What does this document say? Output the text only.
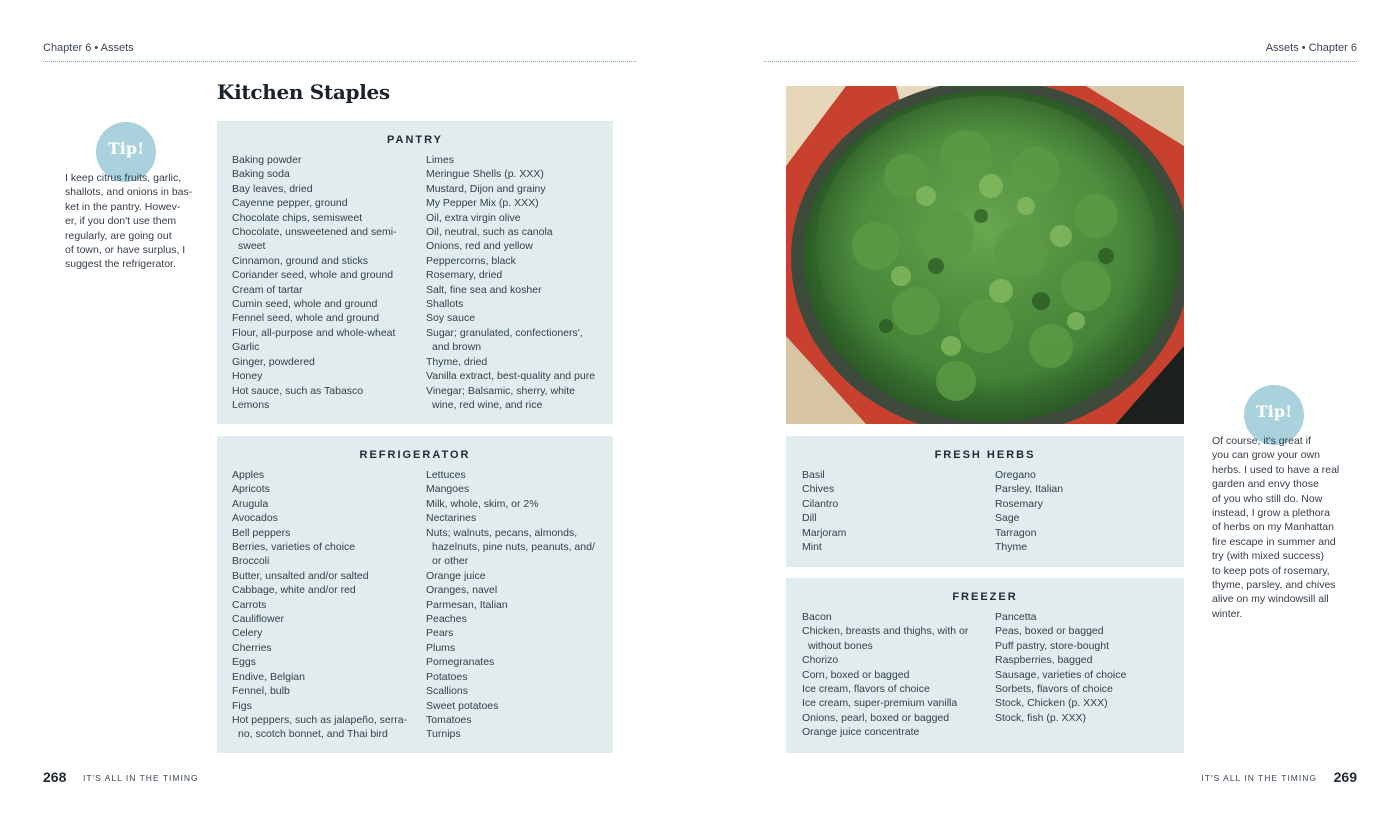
Chapter 6 • Assets
Kitchen Staples
Tip!
I keep citrus fruits, garlic,
shallots, and onions in bas-
ket in the pantry. Howev-
er, if you don't use them
regularly, are going out
of town, or have surplus, I
suggest the refrigerator.
PANTRY
Baking powder
Baking soda
Bay leaves, dried
Cayenne pepper, ground
Chocolate chips, semisweet
Chocolate, unsweetened and semi-
sweet
Cinnamon, ground and sticks
Coriander seed, whole and ground
Cream of tartar
Cumin seed, whole and ground
Fennel seed, whole and ground
Flour, all-purpose and whole-wheat
Garlic
Ginger, powdered
Honey
Hot sauce, such as Tabasco
Lemons
Limes
Meringue Shells (p. XXX)
Mustard, Dijon and grainy
My Pepper Mix (p. XXX)
Oil, extra virgin olive
Oil, neutral, such as canola
Onions, red and yellow
Peppercorns, black
Rosemary, dried
Salt, fine sea and kosher
Shallots
Soy sauce
Sugar; granulated, confectioners',
and brown
Thyme, dried
Vanilla extract, best-quality and pure
Vinegar; Balsamic, sherry, white
wine, red wine, and rice
REFRIGERATOR
Apples
Apricots
Arugula
Avocados
Bell peppers
Berries, varieties of choice
Broccoli
Butter, unsalted and/or salted
Cabbage, white and/or red
Carrots
Cauliflower
Celery
Cherries
Eggs
Endive, Belgian
Fennel, bulb
Figs
Hot peppers, such as jalapeño, serra-
no, scotch bonnet, and Thai bird
Lettuces
Mangoes
Milk, whole, skim, or 2%
Nectarines
Nuts; walnuts, pecans, almonds,
hazelnuts, pine nuts, peanuts, and/
or other
Orange juice
Oranges, navel
Parmesan, Italian
Peaches
Pears
Plums
Pomegranates
Potatoes
Scallions
Sweet potatoes
Tomatoes
Turnips
268 IT'S ALL IN THE TIMING
Assets • Chapter 6
FRESH HERBS
Basil
Chives
Cilantro
Dill
Marjoram
Mint
Oregano
Parsley, Italian
Rosemary
Sage
Tarragon
Thyme
FREEZER
Bacon
Chicken, breasts and thighs, with or
without bones
Chorizo
Corn, boxed or bagged
Ice cream, flavors of choice
Ice cream, super-premium vanilla
Onions, pearl, boxed or bagged
Orange juice concentrate
Pancetta
Peas, boxed or bagged
Puff pastry, store-bought
Raspberries, bagged
Sausage, varieties of choice
Sorbets, flavors of choice
Stock, Chicken (p. XXX)
Stock, fish (p. XXX)
Tip!
Of course, it's great if
you can grow your own
herbs. I used to have a real
garden and envy those
of you who still do. Now
instead, I grow a plethora
of herbs on my Manhattan
fire escape in summer and
try (with mixed success)
to keep pots of rosemary,
thyme, parsley, and chives
alive on my windowsill all
winter.
IT'S ALL IN THE TIMING 269
